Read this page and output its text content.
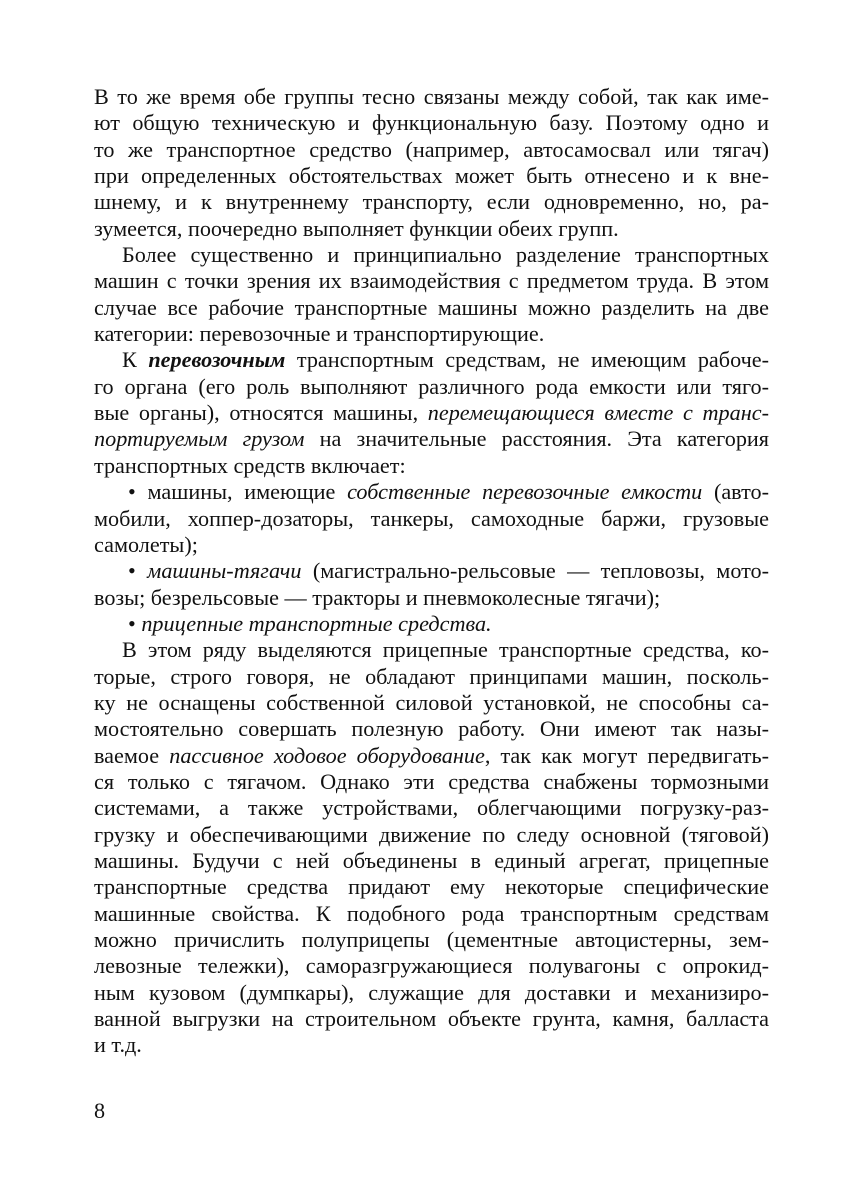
В то же время обе группы тесно связаны между собой, так как име-
ют общую техническую и функциональную базу. Поэтому одно и
то же транспортное средство (например, автосамосвал или тягач)
при определенных обстоятельствах может быть отнесено и к вне-
шнему, и к внутреннему транспорту, если одновременно, но, ра-
зумеется, поочередно выполняет функции обеих групп.
Более существенно и принципиально разделение транспортных
машин с точки зрения их взаимодействия с предметом труда. В этом
случае все рабочие транспортные машины можно разделить на две
категории: перевозочные и транспортирующие.
К перевозочным транспортным средствам, не имеющим рабоче-
го органа (его роль выполняют различного рода емкости или тяго-
вые органы), относятся машины, перемещающиеся вместе с транс-
портируемым грузом на значительные расстояния. Эта категория
транспортных средств включает:
• машины, имеющие собственные перевозочные емкости (авто-
мобили, хоппер-дозаторы, танкеры, самоходные баржи, грузовые
самолеты);
• машины-тягачи (магистрально-рельсовые — тепловозы, мото-
возы; безрельсовые — тракторы и пневмоколесные тягачи);
• прицепные транспортные средства.
В этом ряду выделяются прицепные транспортные средства, ко-
торые, строго говоря, не обладают принципами машин, посколь-
ку не оснащены собственной силовой установкой, не способны са-
мостоятельно совершать полезную работу. Они имеют так назы-
ваемое пассивное ходовое оборудование, так как могут передвигать-
ся только с тягачом. Однако эти средства снабжены тормозными
системами, а также устройствами, облегчающими погрузку-раз-
грузку и обеспечивающими движение по следу основной (тяговой)
машины. Будучи с ней объединены в единый агрегат, прицепные
транспортные средства придают ему некоторые специфические
машинные свойства. К подобного рода транспортным средствам
можно причислить полуприцепы (цементные автоцистерны, зем-
левозные тележки), саморазгружающиеся полувагоны с опрокид-
ным кузовом (думпкары), служащие для доставки и механизиро-
ванной выгрузки на строительном объекте грунта, камня, балласта
и т.д.
8
